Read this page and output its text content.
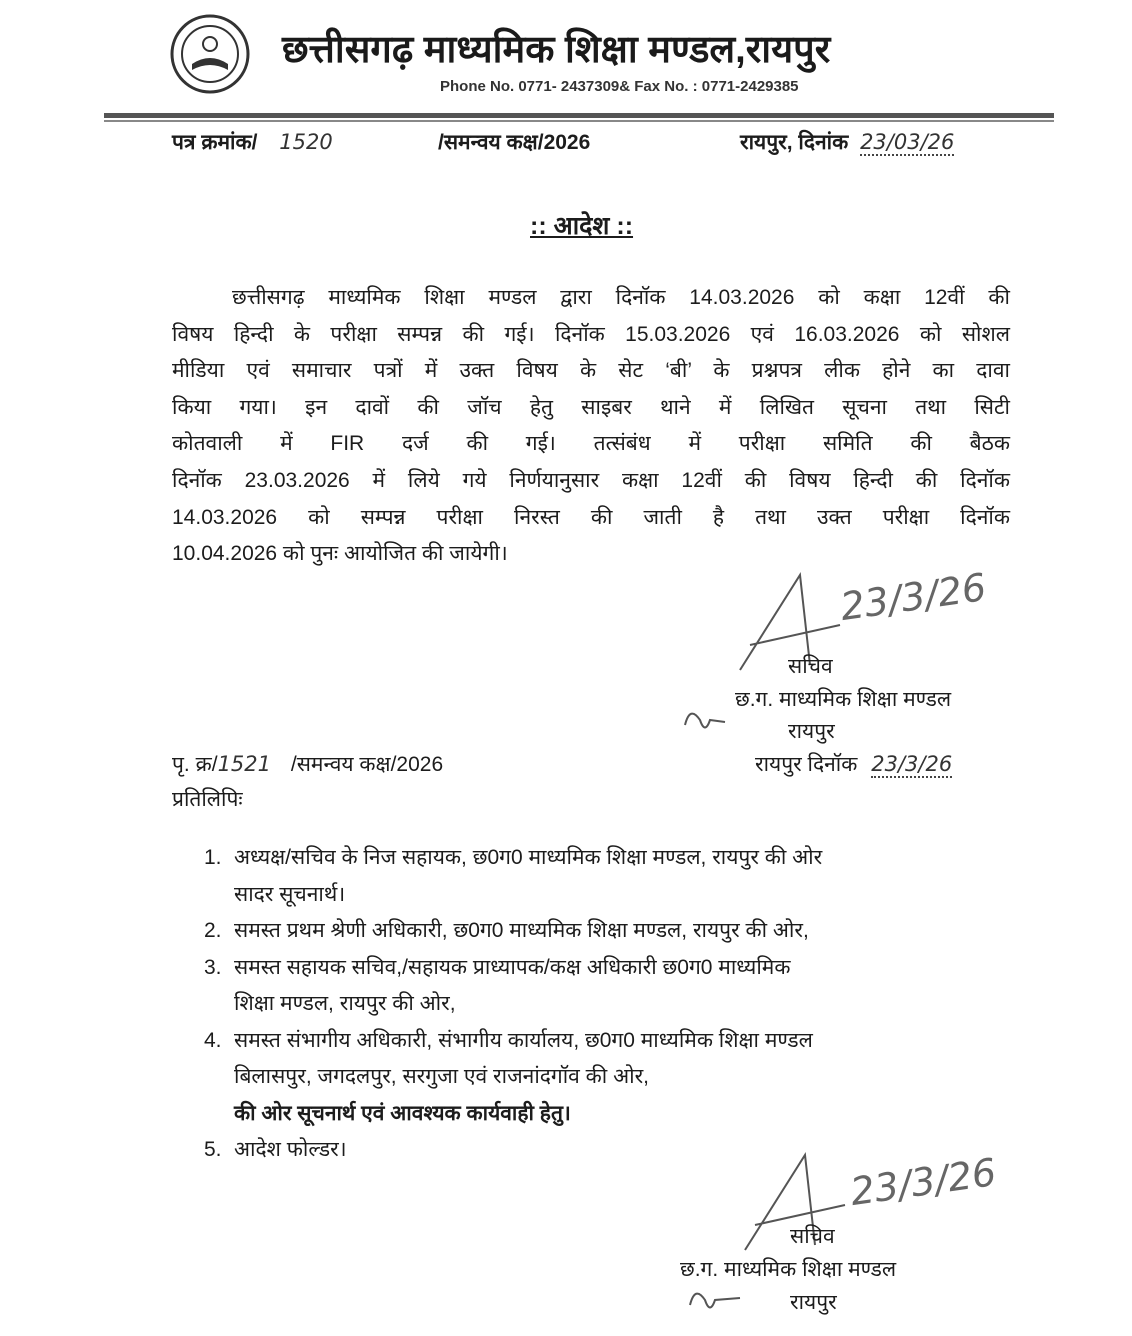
छत्तीसगढ़ माध्यमिक शिक्षा मण्डल,रायपुर
Phone No. 0771- 2437309& Fax No. : 0771-2429385
पत्र क्रमांक/ 1520	/समन्वय कक्ष/2026	रायपुर, दिनांक 23/03/26
:: आदेश ::
छत्तीसगढ़ माध्यमिक शिक्षा मण्डल द्वारा दिनॉक 14.03.2026 को कक्षा 12वीं की
विषय हिन्दी के परीक्षा सम्पन्न की गई। दिनॉक 15.03.2026 एवं 16.03.2026 को सोशल
मीडिया एवं समाचार पत्रों में उक्त विषय के सेट ‘बी’ के प्रश्नपत्र लीक होने का दावा
किया गया। इन दावों की जॉच हेतु साइबर थाने में लिखित सूचना तथा सिटी
कोतवाली में FIR दर्ज की गई। तत्संबंध में परीक्षा समिति की बैठक
दिनॉक 23.03.2026 में लिये गये निर्णयानुसार कक्षा 12वीं की विषय हिन्दी की दिनॉक
14.03.2026 को सम्पन्न परीक्षा निरस्त की जाती है तथा उक्त परीक्षा दिनॉक
10.04.2026 को पुनः आयोजित की जायेगी।
23/3/26
सचिव
छ.ग. माध्यमिक शिक्षा मण्डल
रायपुर
पृ. क्र/1521 /समन्वय कक्ष/2026	रायपुर दिनॉक 23/3/26
प्रतिलिपिः
1. अध्यक्ष/सचिव के निज सहायक, छ0ग0 माध्यमिक शिक्षा मण्डल, रायपुर की ओर
सादर सूचनार्थ।
2. समस्त प्रथम श्रेणी अधिकारी, छ0ग0 माध्यमिक शिक्षा मण्डल, रायपुर की ओर,
3. समस्त सहायक सचिव,/सहायक प्राध्यापक/कक्ष अधिकारी छ0ग0 माध्यमिक
शिक्षा मण्डल, रायपुर की ओर,
4. समस्त संभागीय अधिकारी, संभागीय कार्यालय, छ0ग0 माध्यमिक शिक्षा मण्डल
बिलासपुर, जगदलपुर, सरगुजा एवं राजनांदगॉव की ओर,
की ओर सूचनार्थ एवं आवश्यक कार्यवाही हेतु।
5. आदेश फोल्डर।
23/3/26
सचिव
छ.ग. माध्यमिक शिक्षा मण्डल
रायपुर
